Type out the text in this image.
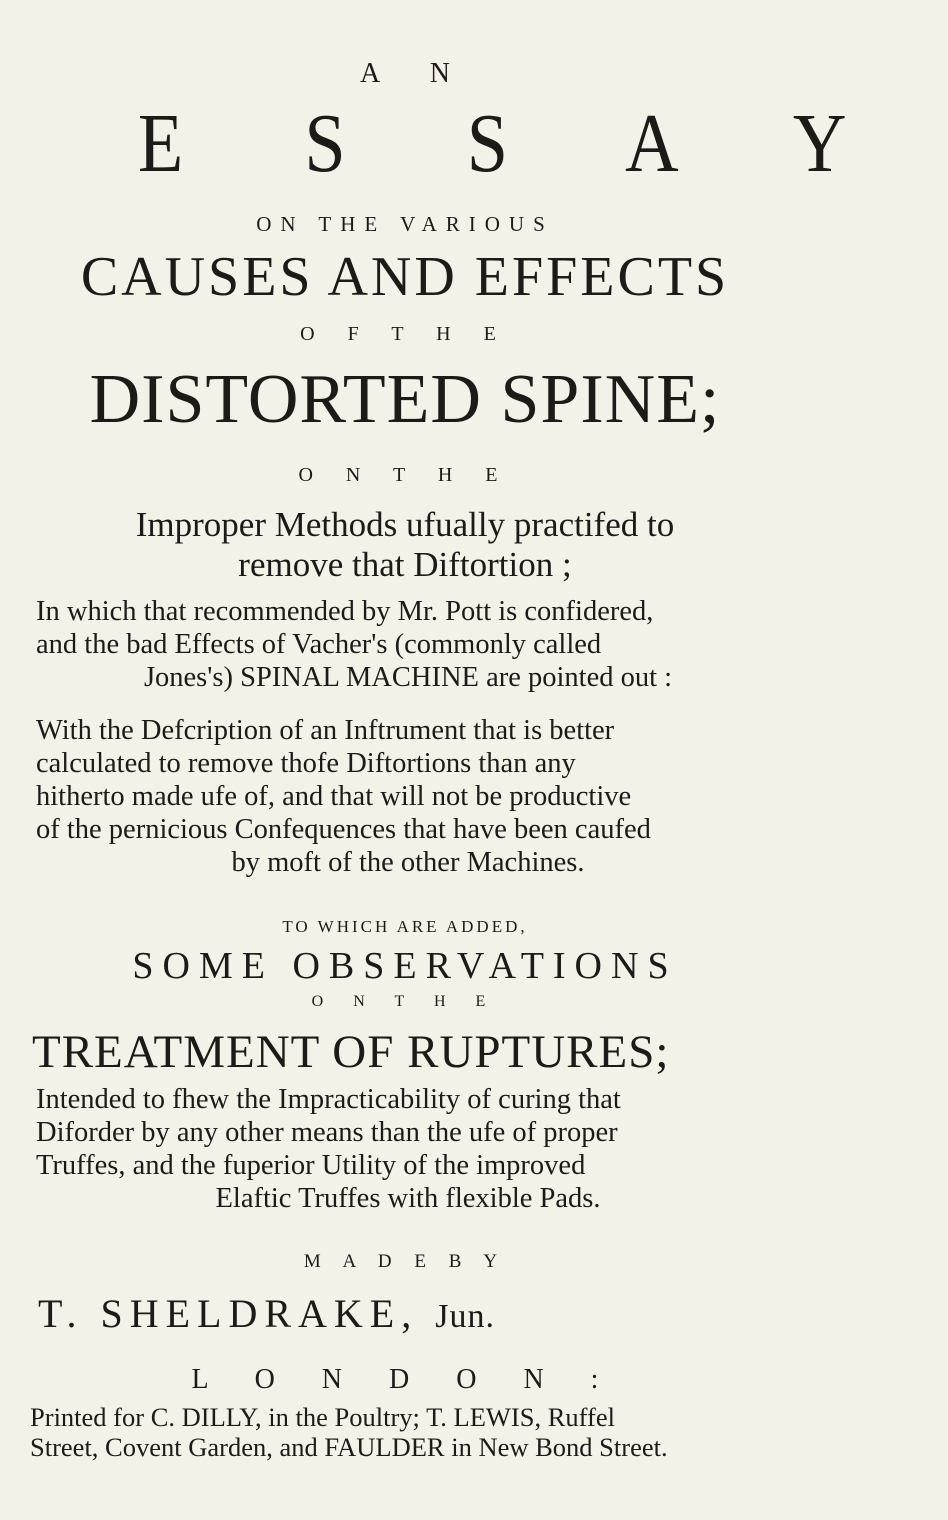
A N
E S S A Y
ON THE VARIOUS
CAUSES AND EFFECTS
O F T H E
DISTORTED SPINE;
O N T H E
Improper Methods ufually practifed to
remove that Diftortion ;
In which that recommended by Mr. Pott is confidered,
and the bad Effects of Vacher's (commonly called
Jones's) SPINAL MACHINE are pointed out :
With the Defcription of an Inftrument that is better
calculated to remove thofe Diftortions than any
hitherto made ufe of, and that will not be productive
of the pernicious Confequences that have been caufed
by moft of the other Machines.
TO WHICH ARE ADDED,
SOME OBSERVATIONS
O N T H E
TREATMENT OF RUPTURES;
Intended to fhew the Impracticability of curing that
Diforder by any other means than the ufe of proper
Truffes, and the fuperior Utility of the improved
Elaftic Truffes with flexible Pads.
M A D E B Y
T. SHELDRAKE, Jun.
L O N D O N :
Printed for C. DILLY, in the Poultry; T. LEWIS, Ruffel
Street, Covent Garden, and FAULDER in New Bond Street.
